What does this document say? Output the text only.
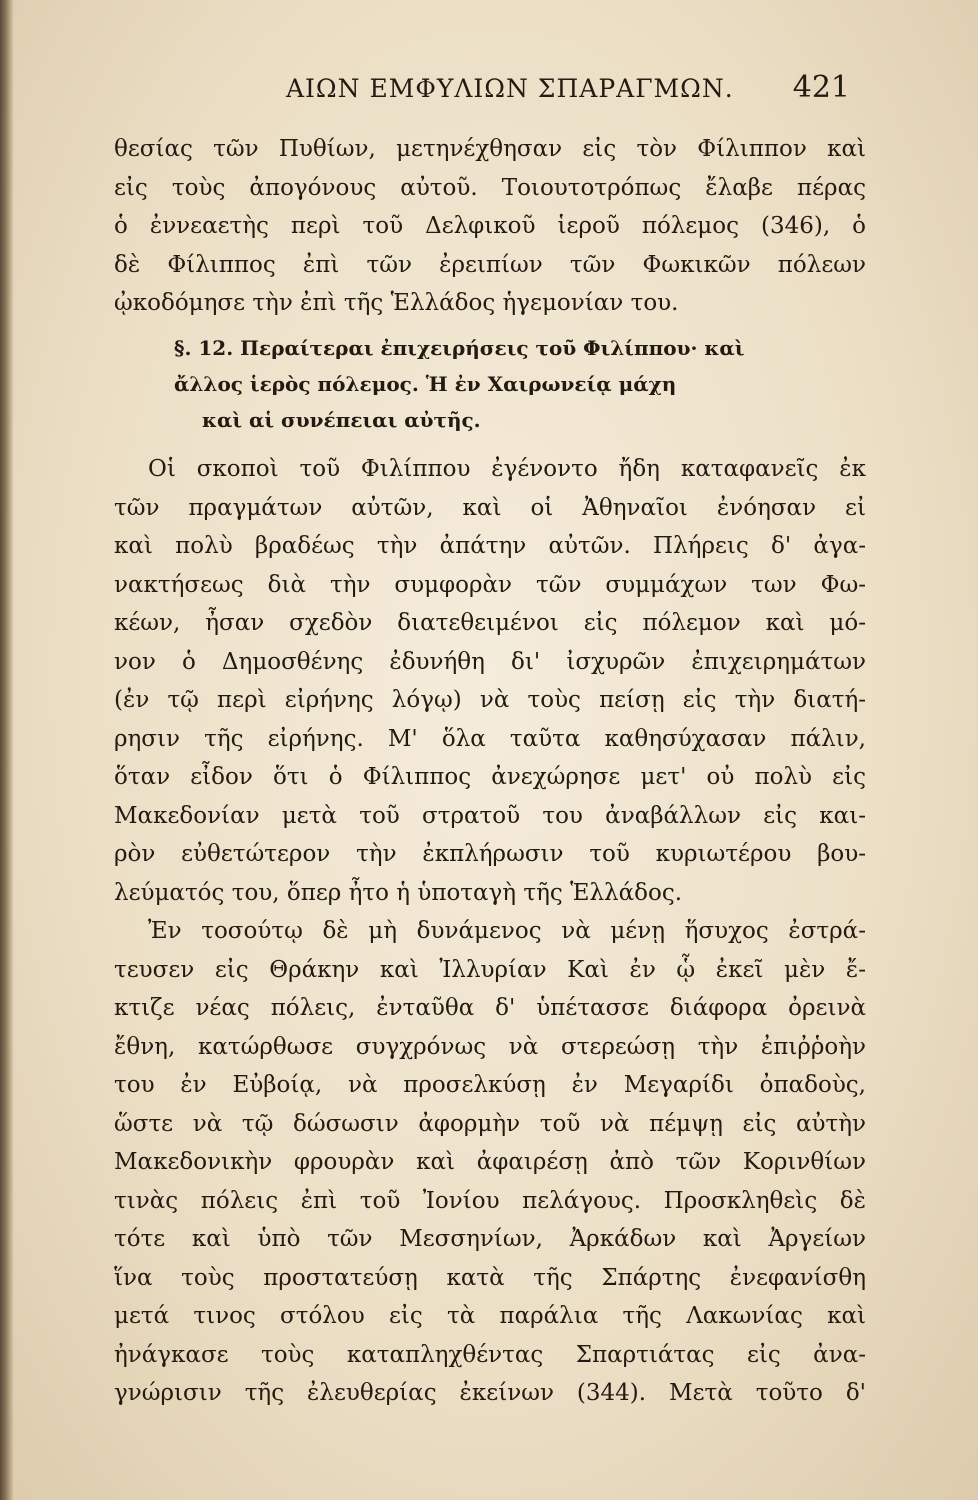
ΑΙΩΝ ΕΜΦΥΛΙΩΝ ΣΠΑΡΑΓΜΩΝ. 421
θεσίας τῶν Πυθίων, μετηνέχθησαν εἰς τὸν Φίλιππον καὶ
εἰς τοὺς ἀπογόνους αὐτοῦ. Τοιουτοτρόπως ἔλαβε πέρας
ὁ ἐννεαετὴς περὶ τοῦ Δελφικοῦ ἱεροῦ πόλεμος (346), ὁ
δὲ Φίλιππος ἐπὶ τῶν ἐρειπίων τῶν Φωκικῶν πόλεων
ᾠκοδόμησε τὴν ἐπὶ τῆς Ἑλλάδος ἡγεμονίαν του.
§. 12. Περαίτεραι ἐπιχειρήσεις τοῦ Φιλίππου· καὶ
ἄλλος ἱερὸς πόλεμος. Ἡ ἐν Χαιρωνείᾳ μάχη
καὶ αἱ συνέπειαι αὐτῆς.
Οἱ σκοποὶ τοῦ Φιλίππου ἐγένοντο ἤδη καταφανεῖς ἐκ
τῶν πραγμάτων αὐτῶν, καὶ οἱ Ἀθηναῖοι ἐνόησαν εἰ
καὶ πολὺ βραδέως τὴν ἀπάτην αὐτῶν. Πλήρεις δ' ἀγα-
νακτήσεως διὰ τὴν συμφορὰν τῶν συμμάχων των Φω-
κέων, ἦσαν σχεδὸν διατεθειμένοι εἰς πόλεμον καὶ μό-
νον ὁ Δημοσθένης ἐδυνήθη δι' ἰσχυρῶν ἐπιχειρημάτων
(ἐν τῷ περὶ εἰρήνης λόγῳ) νὰ τοὺς πείσῃ εἰς τὴν διατή-
ρησιν τῆς εἰρήνης. Μ' ὅλα ταῦτα καθησύχασαν πάλιν,
ὅταν εἶδον ὅτι ὁ Φίλιππος ἀνεχώρησε μετ' οὐ πολὺ εἰς
Μακεδονίαν μετὰ τοῦ στρατοῦ του ἀναβάλλων εἰς και-
ρὸν εὐθετώτερον τὴν ἐκπλήρωσιν τοῦ κυριωτέρου βου-
λεύματός του, ὅπερ ἦτο ἡ ὑποταγὴ τῆς Ἑλλάδος.
Ἐν τοσούτῳ δὲ μὴ δυνάμενος νὰ μένῃ ἥσυχος ἐστρά-
τευσεν εἰς Θράκην καὶ Ἰλλυρίαν Καὶ ἐν ᾧ ἐκεῖ μὲν ἔ-
κτιζε νέας πόλεις, ἐνταῦθα δ' ὑπέτασσε διάφορα ὀρεινὰ
ἔθνη, κατώρθωσε συγχρόνως νὰ στερεώσῃ τὴν ἐπιῤῥοὴν
του ἐν Εὐβοίᾳ, νὰ προσελκύσῃ ἐν Μεγαρίδι ὀπαδοὺς,
ὥστε νὰ τῷ δώσωσιν ἀφορμὴν τοῦ νὰ πέμψῃ εἰς αὐτὴν
Μακεδονικὴν φρουρὰν καὶ ἀφαιρέσῃ ἀπὸ τῶν Κορινθίων
τινὰς πόλεις ἐπὶ τοῦ Ἰονίου πελάγους. Προσκληθεὶς δὲ
τότε καὶ ὑπὸ τῶν Μεσσηνίων, Ἀρκάδων καὶ Ἀργείων
ἵνα τοὺς προστατεύσῃ κατὰ τῆς Σπάρτης ἐνεφανίσθη
μετά τινος στόλου εἰς τὰ παράλια τῆς Λακωνίας καὶ
ἠνάγκασε τοὺς καταπληχθέντας Σπαρτιάτας εἰς ἀνα-
γνώρισιν τῆς ἐλευθερίας ἐκείνων (344). Μετὰ τοῦτο δ'
